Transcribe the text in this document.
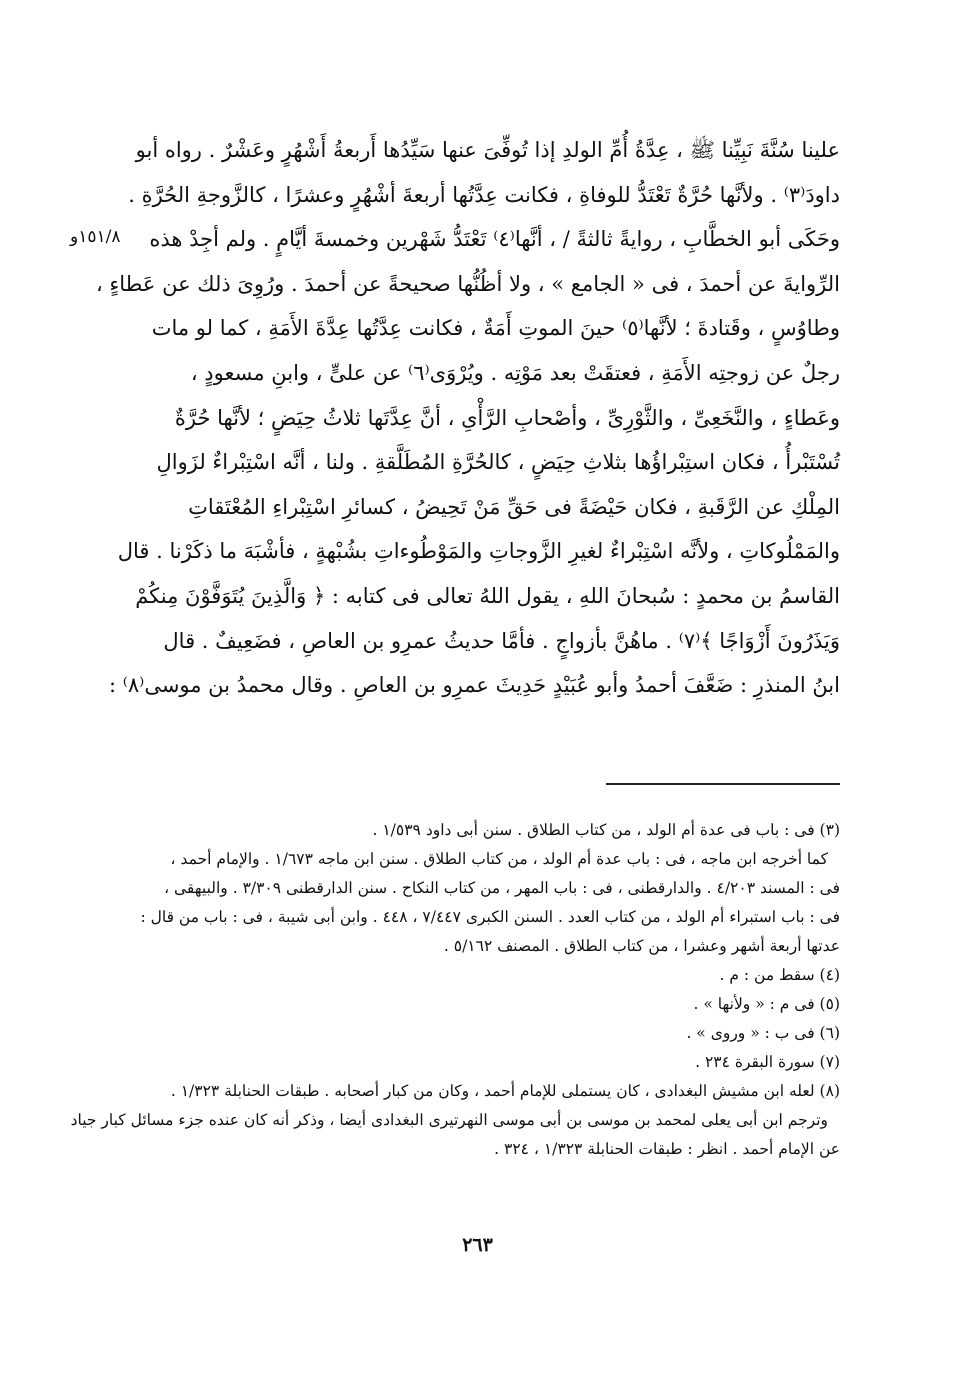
علينا سُنَّةَ نَبِيِّنا ﷺ ، عِدَّةُ أُمِّ الولدِ إذا تُوفِّىَ عنها سَيِّدُها أَربعةُ أَشْهُرٍ وعَشْرٌ . رواه أبو
داودَ⁽٣⁾ . ولأنَّها حُرَّةٌ تَعْتَدُّ للوفاةِ ، فكانت عِدَّتُها أربعةَ أشْهُرٍ وعشرًا ، كالزَّوجةِ الحُرَّةِ .
وحَكَى أبو الخطَّابِ ، روايةً ثالثةً / ، أنَّها⁽٤⁾ تَعْتَدُّ شَهْرين وخمسةَ أيَّامٍ . ولم أجِدْ هذه
الرِّوايةَ عن أحمدَ ، فى « الجامع » ، ولا أظُنُّها صحيحةً عن أحمدَ . ورُوِىَ ذلك عن عَطاءٍ ،
وطاوُسٍ ، وقَتادةَ ؛ لأنَّها⁽٥⁾ حينَ الموتِ أَمَةٌ ، فكانت عِدَّتُها عِدَّةَ الأَمَةِ ، كما لو مات
رجلٌ عن زوجتِه الأَمَةِ ، فعتقَتْ بعد مَوْتِه . ويُرْوَى⁽٦⁾ عن علىٍّ ، وابنِ مسعودٍ ،
وعَطاءٍ ، والنَّخَعِىِّ ، والثَّوْرِىِّ ، وأصْحابِ الرَّأْىِ ، أنَّ عِدَّتَها ثلاثُ حِيَضٍ ؛ لأنَّها حُرَّةٌ
تُسْتَبْرأُ ، فكان استِبْراؤُها بثلاثِ حِيَضٍ ، كالحُرَّةِ المُطَلَّقةِ . ولنا ، أنَّه اسْتِبْراءٌ لزَوالِ
المِلْكِ عن الرَّقَبةِ ، فكان حَيْضَةً فى حَقِّ مَنْ تَحِيضُ ، كسائرِ اسْتِبْراءِ المُعْتَقاتِ
والمَمْلُوكاتِ ، ولأنَّه اسْتِبْراءٌ لغيرِ الزَّوجاتِ والمَوْطُوءاتِ بشُبْهةٍ ، فأشْبَهَ ما ذكَرْنا . قال
القاسمُ بن محمدٍ : سُبحانَ اللهِ ، يقول اللهُ تعالى فى كتابه : ﴿ وَالَّذِينَ يُتَوَفَّوْنَ مِنكُمْ
وَيَذَرُونَ أَزْوَاجًا ﴾⁽٧⁾ . ماهُنَّ بأزواجٍ . فأمَّا حديثُ عمرِو بن العاصِ ، فضَعِيفٌ . قال
ابنُ المنذرِ : ضَعَّفَ أحمدُ وأبو عُبَيْدٍ حَدِيثَ عمرِو بن العاصِ . وقال محمدُ بن موسى⁽٨⁾ :
١٥١/٨و
(٣) فى : باب فى عدة أم الولد ، من كتاب الطلاق . سنن أبى داود ١/٥٣٩ .
كما أخرجه ابن ماجه ، فى : باب عدة أم الولد ، من كتاب الطلاق . سنن ابن ماجه ١/٦٧٣ . والإمام أحمد ،
فى : المسند ٤/٢٠٣ . والدارقطنى ، فى : باب المهر ، من كتاب النكاح . سنن الدارقطنى ٣/٣٠٩ . والبيهقى ،
فى : باب استبراء أم الولد ، من كتاب العدد . السنن الكبرى ٧/٤٤٧ ، ٤٤٨ . وابن أبى شيبة ، فى : باب من قال :
عدتها أربعة أشهر وعشرا ، من كتاب الطلاق . المصنف ٥/١٦٢ .
(٤) سقط من : م .
(٥) فى م : « ولأنها » .
(٦) فى ب : « وروى » .
(٧) سورة البقرة ٢٣٤ .
(٨) لعله ابن مشيش البغدادى ، كان يستملى للإمام أحمد ، وكان من كبار أصحابه . طبقات الحنابلة ١/٣٢٣ .
وترجم ابن أبى يعلى لمحمد بن موسى بن أبى موسى النهرتيرى البغدادى أيضا ، وذكر أنه كان عنده جزء مسائل كبار جياد
عن الإمام أحمد . انظر : طبقات الحنابلة ١/٣٢٣ ، ٣٢٤ .
٢٦٣
